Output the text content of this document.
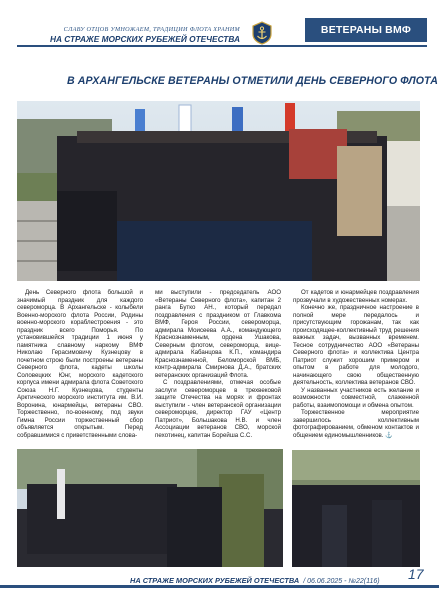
СЛАВУ ОТЦОВ УМНОЖАЕМ, ТРАДИЦИИ ФЛОТА ХРАНИМ
НА СТРАЖЕ МОРСКИХ РУБЕЖЕЙ ОТЕЧЕСТВА
ВЕТЕРАНЫ ВМФ
В АРХАНГЕЛЬСКЕ ВЕТЕРАНЫ ОТМЕТИЛИ ДЕНЬ СЕВЕРНОГО ФЛОТА

День Северного флота большой и значимый праздник для каждого североморца. В Архангельске - колыбели Военно-морского флота России, Родины военно-морского кораблестроения - это праздник всего Поморья. По установившейся традиции 1 июня у памятника славному наркому ВМФ Николаю Герасимовичу Кузнецову в почетном строю были построены ветераны Северного флота, кадеты школы Соловецких Юнг, морского кадетского корпуса имени адмирала флота Советского Союза Н.Г. Кузнецова, студенты Арктического морского института им. В.И. Воронина, юнармейцы, ветераны СВО. Торжественно, по-военному, под звуки Гимна России торжественный сбор объявляется открытым. Перед собравшимися с приветственными слова-

ми выступили - председатель АОО «Ветераны Северного флота», капитан 2 ранга Бутко АН., который передал поздравления с праздником от Главкома ВМФ, Героя России, североморца, адмирала Моисеева А.А., командующего Краснознаменным, ордена Ушакова, Северным флотом, североморца, вице-адмирала Кабанцова К.П., командира Краснознаменной, Беломорской ВМБ, контр-адмирала Смирнова Д.А., братских ветеранских организаций Флота.

С поздравлениями, отмечая особые заслуги североморцев в трехвековой защите Отечества на морях и фронтах выступили - член ветеранской организации североморцев, директор ГАУ «Центр Патриот», Большакова Н.В. и член Ассоциации ветеранов СВО, морской пехотинец, капитан Борейша С.С.

От кадетов и юнармейцев поздравления прозвучали в художественных номерах.

Конечно же, праздничное настроение в полной мере передалось и присутствующим горожанам, так как происходящее-коллективный труд решения важных задач, вызванных временем. Тесное сотрудничество АОО «Ветераны Северного флота» и коллектива Центра Патриот служит хорошим примером и опытом в работе для молодого, начинающего свою общественную деятельность, коллектива ветеранов СВО.

У названных участников есть желание и возможности совместной, слаженной работы, взаимопомощи и обмена опытом.

Торжественное мероприятие завершилось коллективным фотографированием, обменом контактов и общением единомышленников. ⚓

НА СТРАЖЕ МОРСКИХ РУБЕЖЕЙ ОТЕЧЕСТВА / 06.06.2025 - №22(116)	17
